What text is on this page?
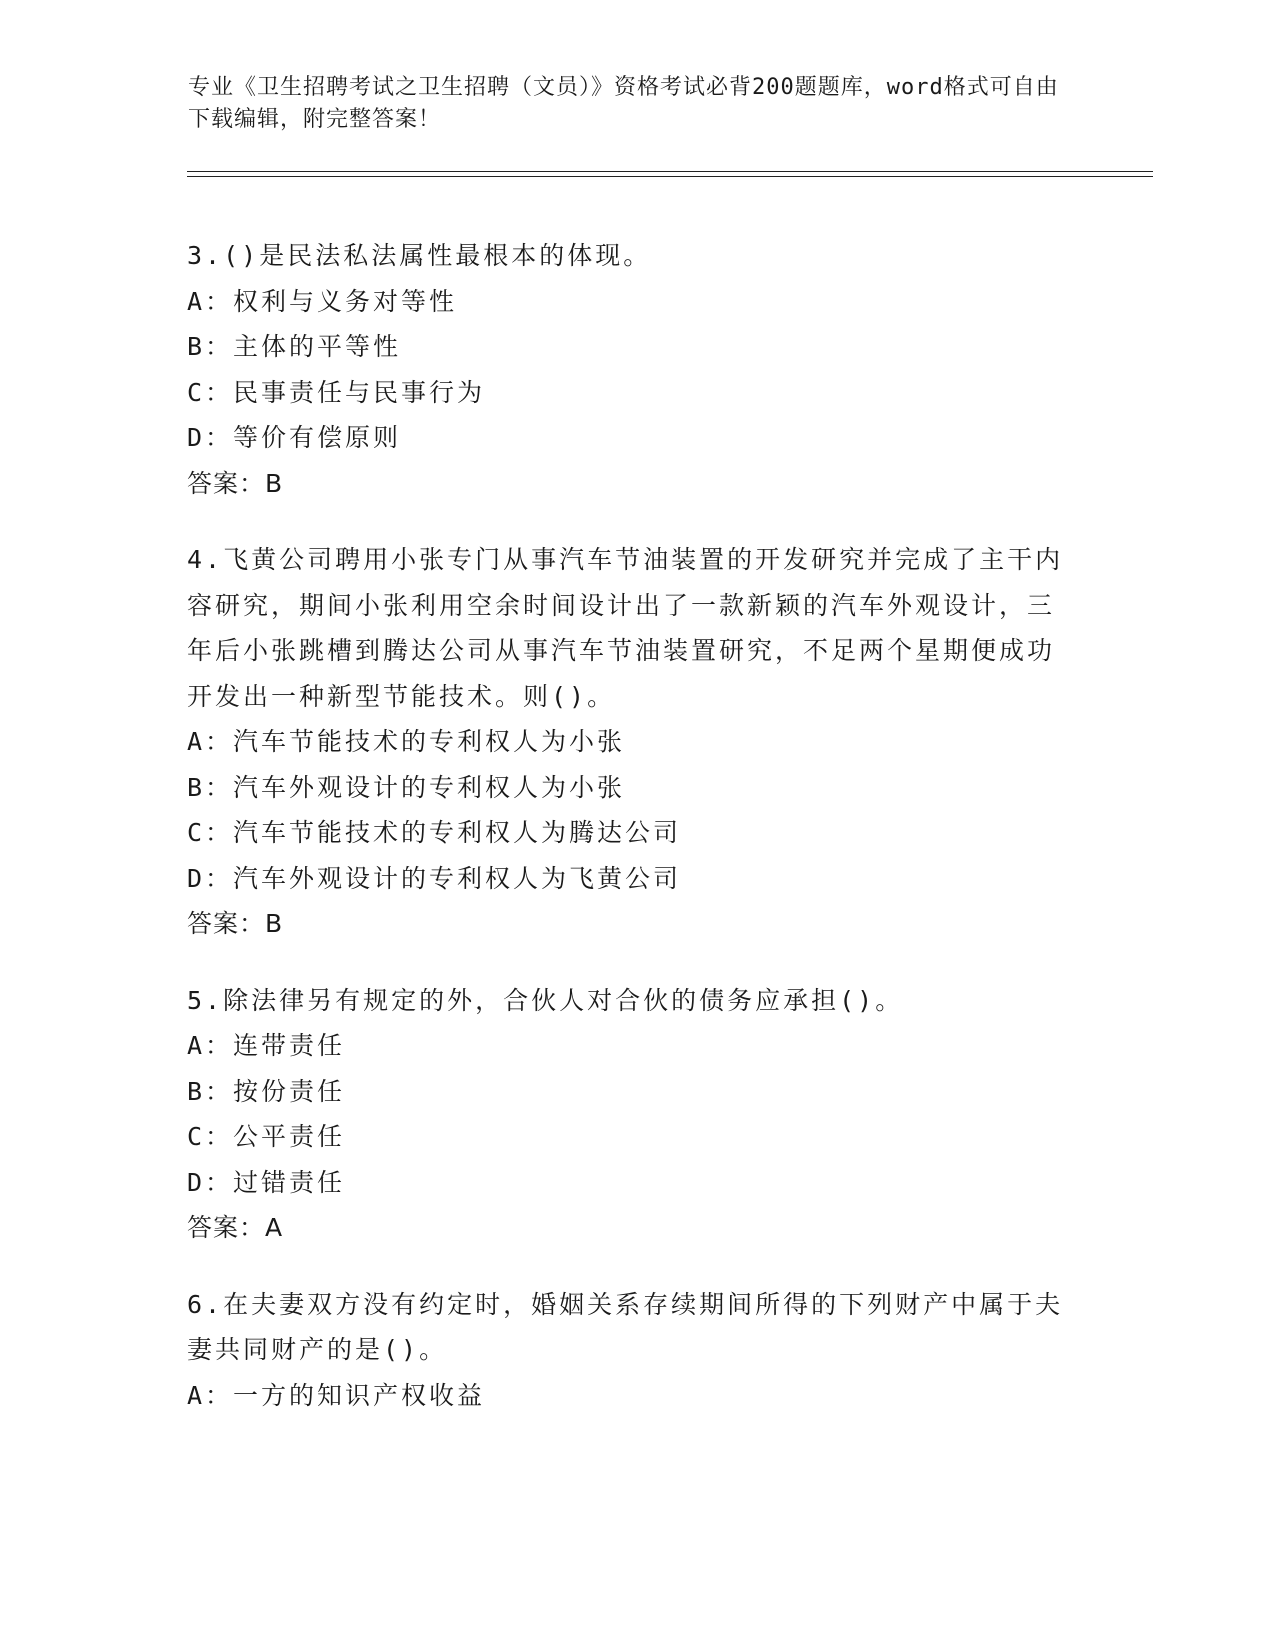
专业《卫生招聘考试之卫生招聘（文员）》资格考试必背200题题库，word格式可自由下载编辑，附完整答案！

3.()是民法私法属性最根本的体现。

A：权利与义务对等性

B：主体的平等性

C：民事责任与民事行为

D：等价有偿原则

答案：B

4.飞黄公司聘用小张专门从事汽车节油装置的开发研究并完成了主干内容研究，期间小张利用空余时间设计出了一款新颖的汽车外观设计，三年后小张跳槽到腾达公司从事汽车节油装置研究，不足两个星期便成功开发出一种新型节能技术。则()。

A：汽车节能技术的专利权人为小张

B：汽车外观设计的专利权人为小张

C：汽车节能技术的专利权人为腾达公司

D：汽车外观设计的专利权人为飞黄公司

答案：B

5.除法律另有规定的外，合伙人对合伙的债务应承担()。

A：连带责任

B：按份责任

C：公平责任

D：过错责任

答案：A

6.在夫妻双方没有约定时，婚姻关系存续期间所得的下列财产中属于夫妻共同财产的是()。

A：一方的知识产权收益
